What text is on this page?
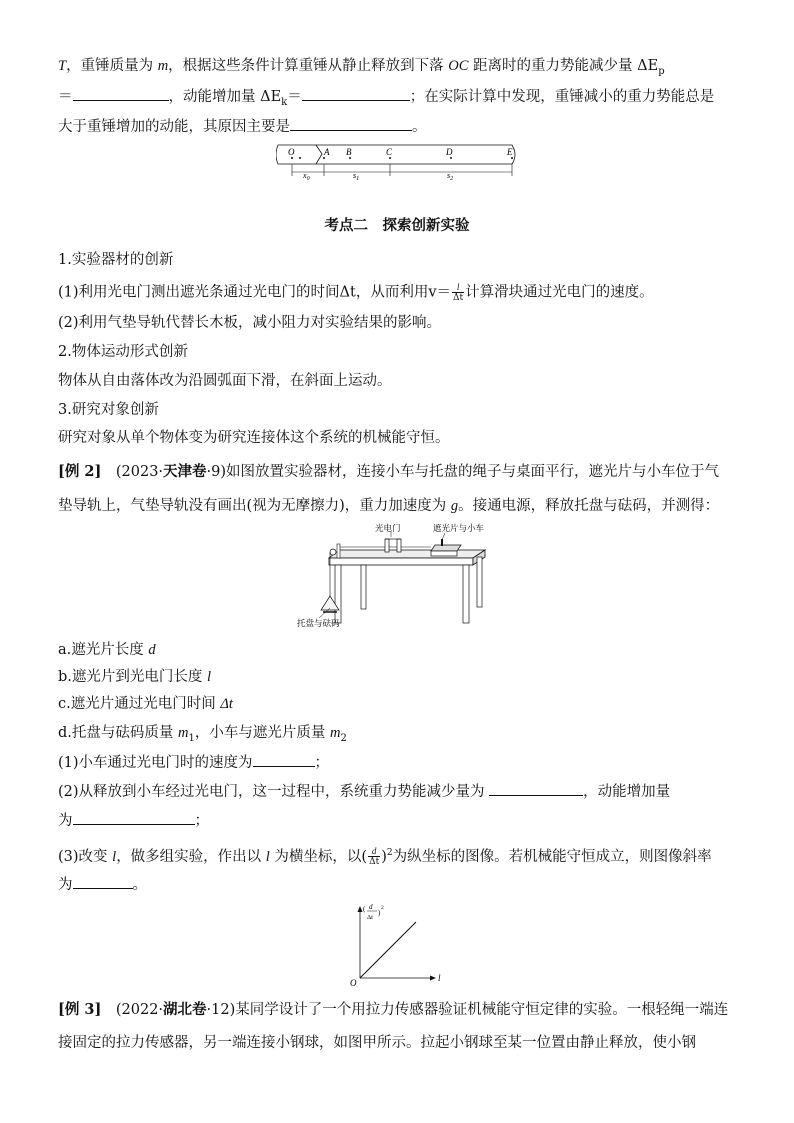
T，重锤质量为 m，根据这些条件计算重锤从静止释放到下落 OC 距离时的重力势能减少量 $\Delta E_p$
＝	，动能增加量 $\Delta E_k=$	；在实际计算中发现，重锤减小的重力势能总是
大于重锤增加的动能，其原因主要是	。
O	A B	C	D	E
$x_0$	$s_1$	$s_2$
考点二　探索创新实验
1.实验器材的创新
(1)利用光电门测出遮光条通过光电门的时间Δt，从而利用$v= \frac{l}{\Delta t}$ 计算滑块通过光电门的速度。
(2)利用气垫导轨代替长木板，减小阻力对实验结果的影响。
2.物体运动形式创新
物体从自由落体改为沿圆弧面下滑，在斜面上运动。
3.研究对象创新
研究对象从单个物体变为研究连接体这个系统的机械能守恒。
[例 2]　(2023·天津卷·9)如图放置实验器材，连接小车与托盘的绳子与桌面平行，遮光片与小车位于气
垫导轨上，气垫导轨没有画出(视为无摩擦力)，重力加速度为 g。接通电源，释放托盘与砝码，并测得：
光电门	遮光片与小车
托盘与砝码
a.遮光片长度 d
b.遮光片到光电门长度 l
c.遮光片通过光电门时间 Δt
d.托盘与砝码质量 $m_1$，小车与遮光片质量 $m_2$
(1)小车通过光电门时的速度为	；
(2)从释放到小车经过光电门，这一过程中，系统重力势能减少量为	，动能增加量
为	；
(3)改变 l，做多组实验，作出以 l 为横坐标，以( $\frac{d}{\Delta t} )^2$为纵坐标的图像。若机械能守恒成立，则图像斜率
为	。
( d
Δt
)
2
O	l
[例 3]　(2022·湖北卷·12)某同学设计了一个用拉力传感器验证机械能守恒定律的实验。一根轻绳一端连
接固定的拉力传感器，另一端连接小钢球，如图甲所示。拉起小钢球至某一位置由静止释放，使小钢
